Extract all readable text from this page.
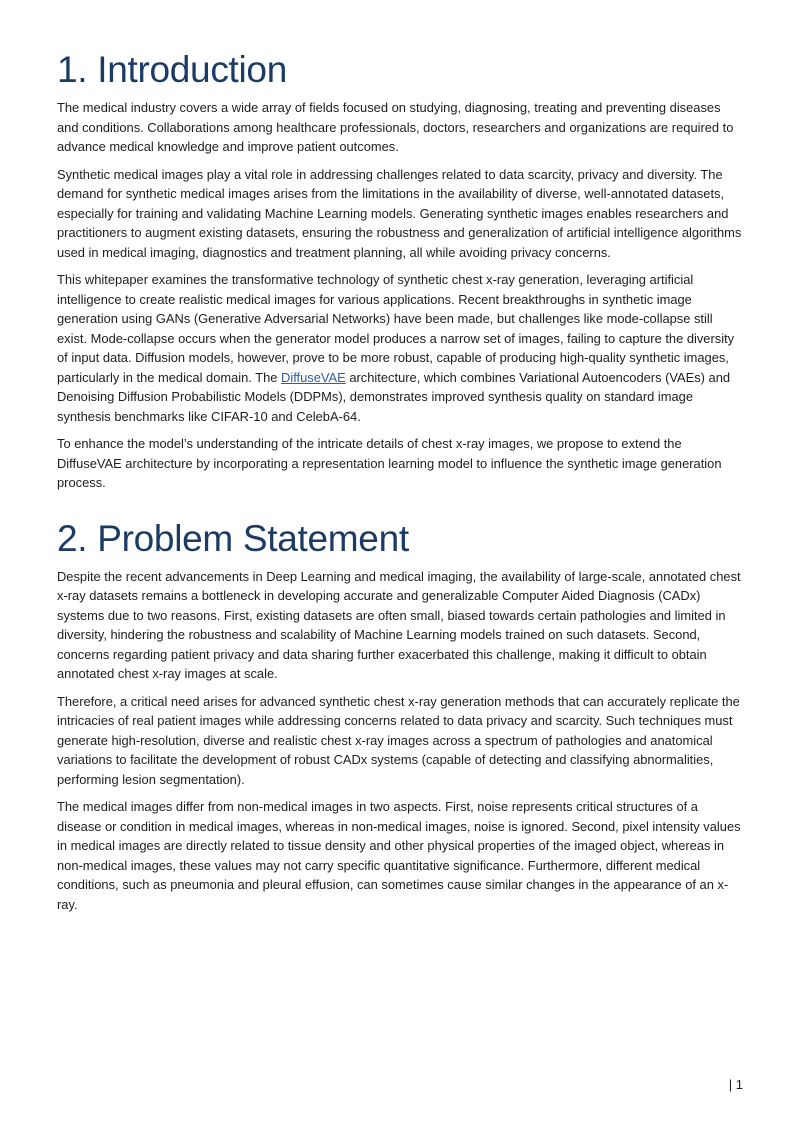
1. Introduction

The medical industry covers a wide array of fields focused on studying, diagnosing, treating and preventing diseases and conditions. Collaborations among healthcare professionals, doctors, researchers and organizations are required to advance medical knowledge and improve patient outcomes.

Synthetic medical images play a vital role in addressing challenges related to data scarcity, privacy and diversity. The demand for synthetic medical images arises from the limitations in the availability of diverse, well-annotated datasets, especially for training and validating Machine Learning models. Generating synthetic images enables researchers and practitioners to augment existing datasets, ensuring the robustness and generalization of artificial intelligence algorithms used in medical imaging, diagnostics and treatment planning, all while avoiding privacy concerns.

This whitepaper examines the transformative technology of synthetic chest x-ray generation, leveraging artificial intelligence to create realistic medical images for various applications. Recent breakthroughs in synthetic image generation using GANs (Generative Adversarial Networks) have been made, but challenges like mode-collapse still exist. Mode-collapse occurs when the generator model produces a narrow set of images, failing to capture the diversity of input data. Diffusion models, however, prove to be more robust, capable of producing high-quality synthetic images, particularly in the medical domain. The DiffuseVAE architecture, which combines Variational Autoencoders (VAEs) and Denoising Diffusion Probabilistic Models (DDPMs), demonstrates improved synthesis quality on standard image synthesis benchmarks like CIFAR-10 and CelebA-64.

To enhance the model’s understanding of the intricate details of chest x-ray images, we propose to extend the DiffuseVAE architecture by incorporating a representation learning model to influence the synthetic image generation process.

2. Problem Statement

Despite the recent advancements in Deep Learning and medical imaging, the availability of large-scale, annotated chest x-ray datasets remains a bottleneck in developing accurate and generalizable Computer Aided Diagnosis (CADx) systems due to two reasons. First, existing datasets are often small, biased towards certain pathologies and limited in diversity, hindering the robustness and scalability of Machine Learning models trained on such datasets. Second, concerns regarding patient privacy and data sharing further exacerbated this challenge, making it difficult to obtain annotated chest x-ray images at scale.

Therefore, a critical need arises for advanced synthetic chest x-ray generation methods that can accurately replicate the intricacies of real patient images while addressing concerns related to data privacy and scarcity. Such techniques must generate high-resolution, diverse and realistic chest x-ray images across a spectrum of pathologies and anatomical variations to facilitate the development of robust CADx systems (capable of detecting and classifying abnormalities, performing lesion segmentation).

The medical images differ from non-medical images in two aspects. First, noise represents critical structures of a disease or condition in medical images, whereas in non-medical images, noise is ignored. Second, pixel intensity values in medical images are directly related to tissue density and other physical properties of the imaged object, whereas in non-medical images, these values may not carry specific quantitative significance. Furthermore, different medical conditions, such as pneumonia and pleural effusion, can sometimes cause similar changes in the appearance of an x-ray.

| 1
